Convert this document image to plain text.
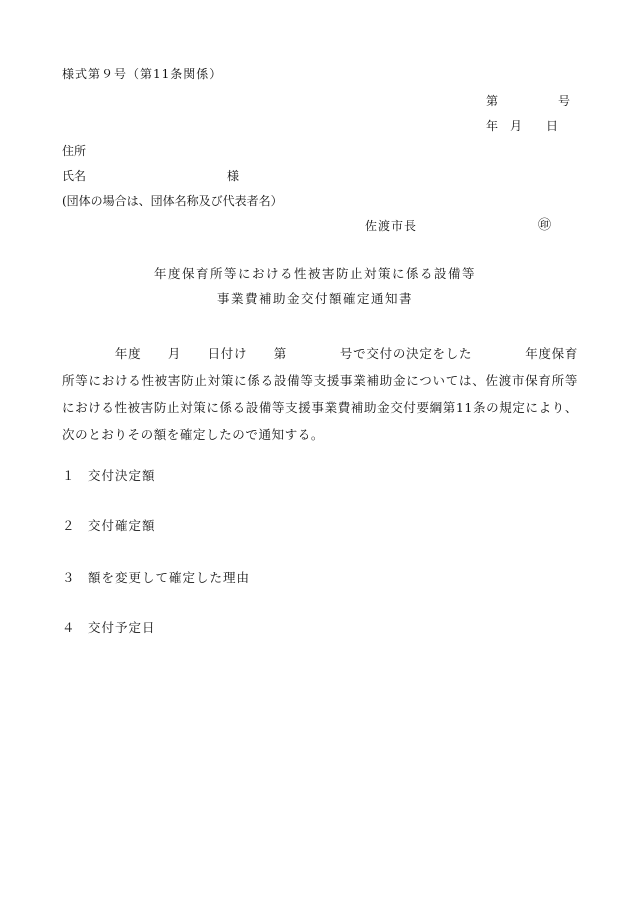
様式第９号（第11条関係）
第　　　　　号
年　月　　日
住所
氏名	様
(団体の場合は、団体名称及び代表者名）
佐渡市長	㊞
年度保育所等における性被害防止対策に係る設備等
事業費補助金交付額確定通知書
　　　　年度　　月　　日付け　　第　　　　号で交付の決定をした　　　　年度保育所等における性被害防止対策に係る設備等支援事業補助金については、佐渡市保育所等における性被害防止対策に係る設備等支援事業費補助金交付要綱第11条の規定により、次のとおりその額を確定したので通知する。
１ 交付決定額
２ 交付確定額
３ 額を変更して確定した理由
４ 交付予定日
